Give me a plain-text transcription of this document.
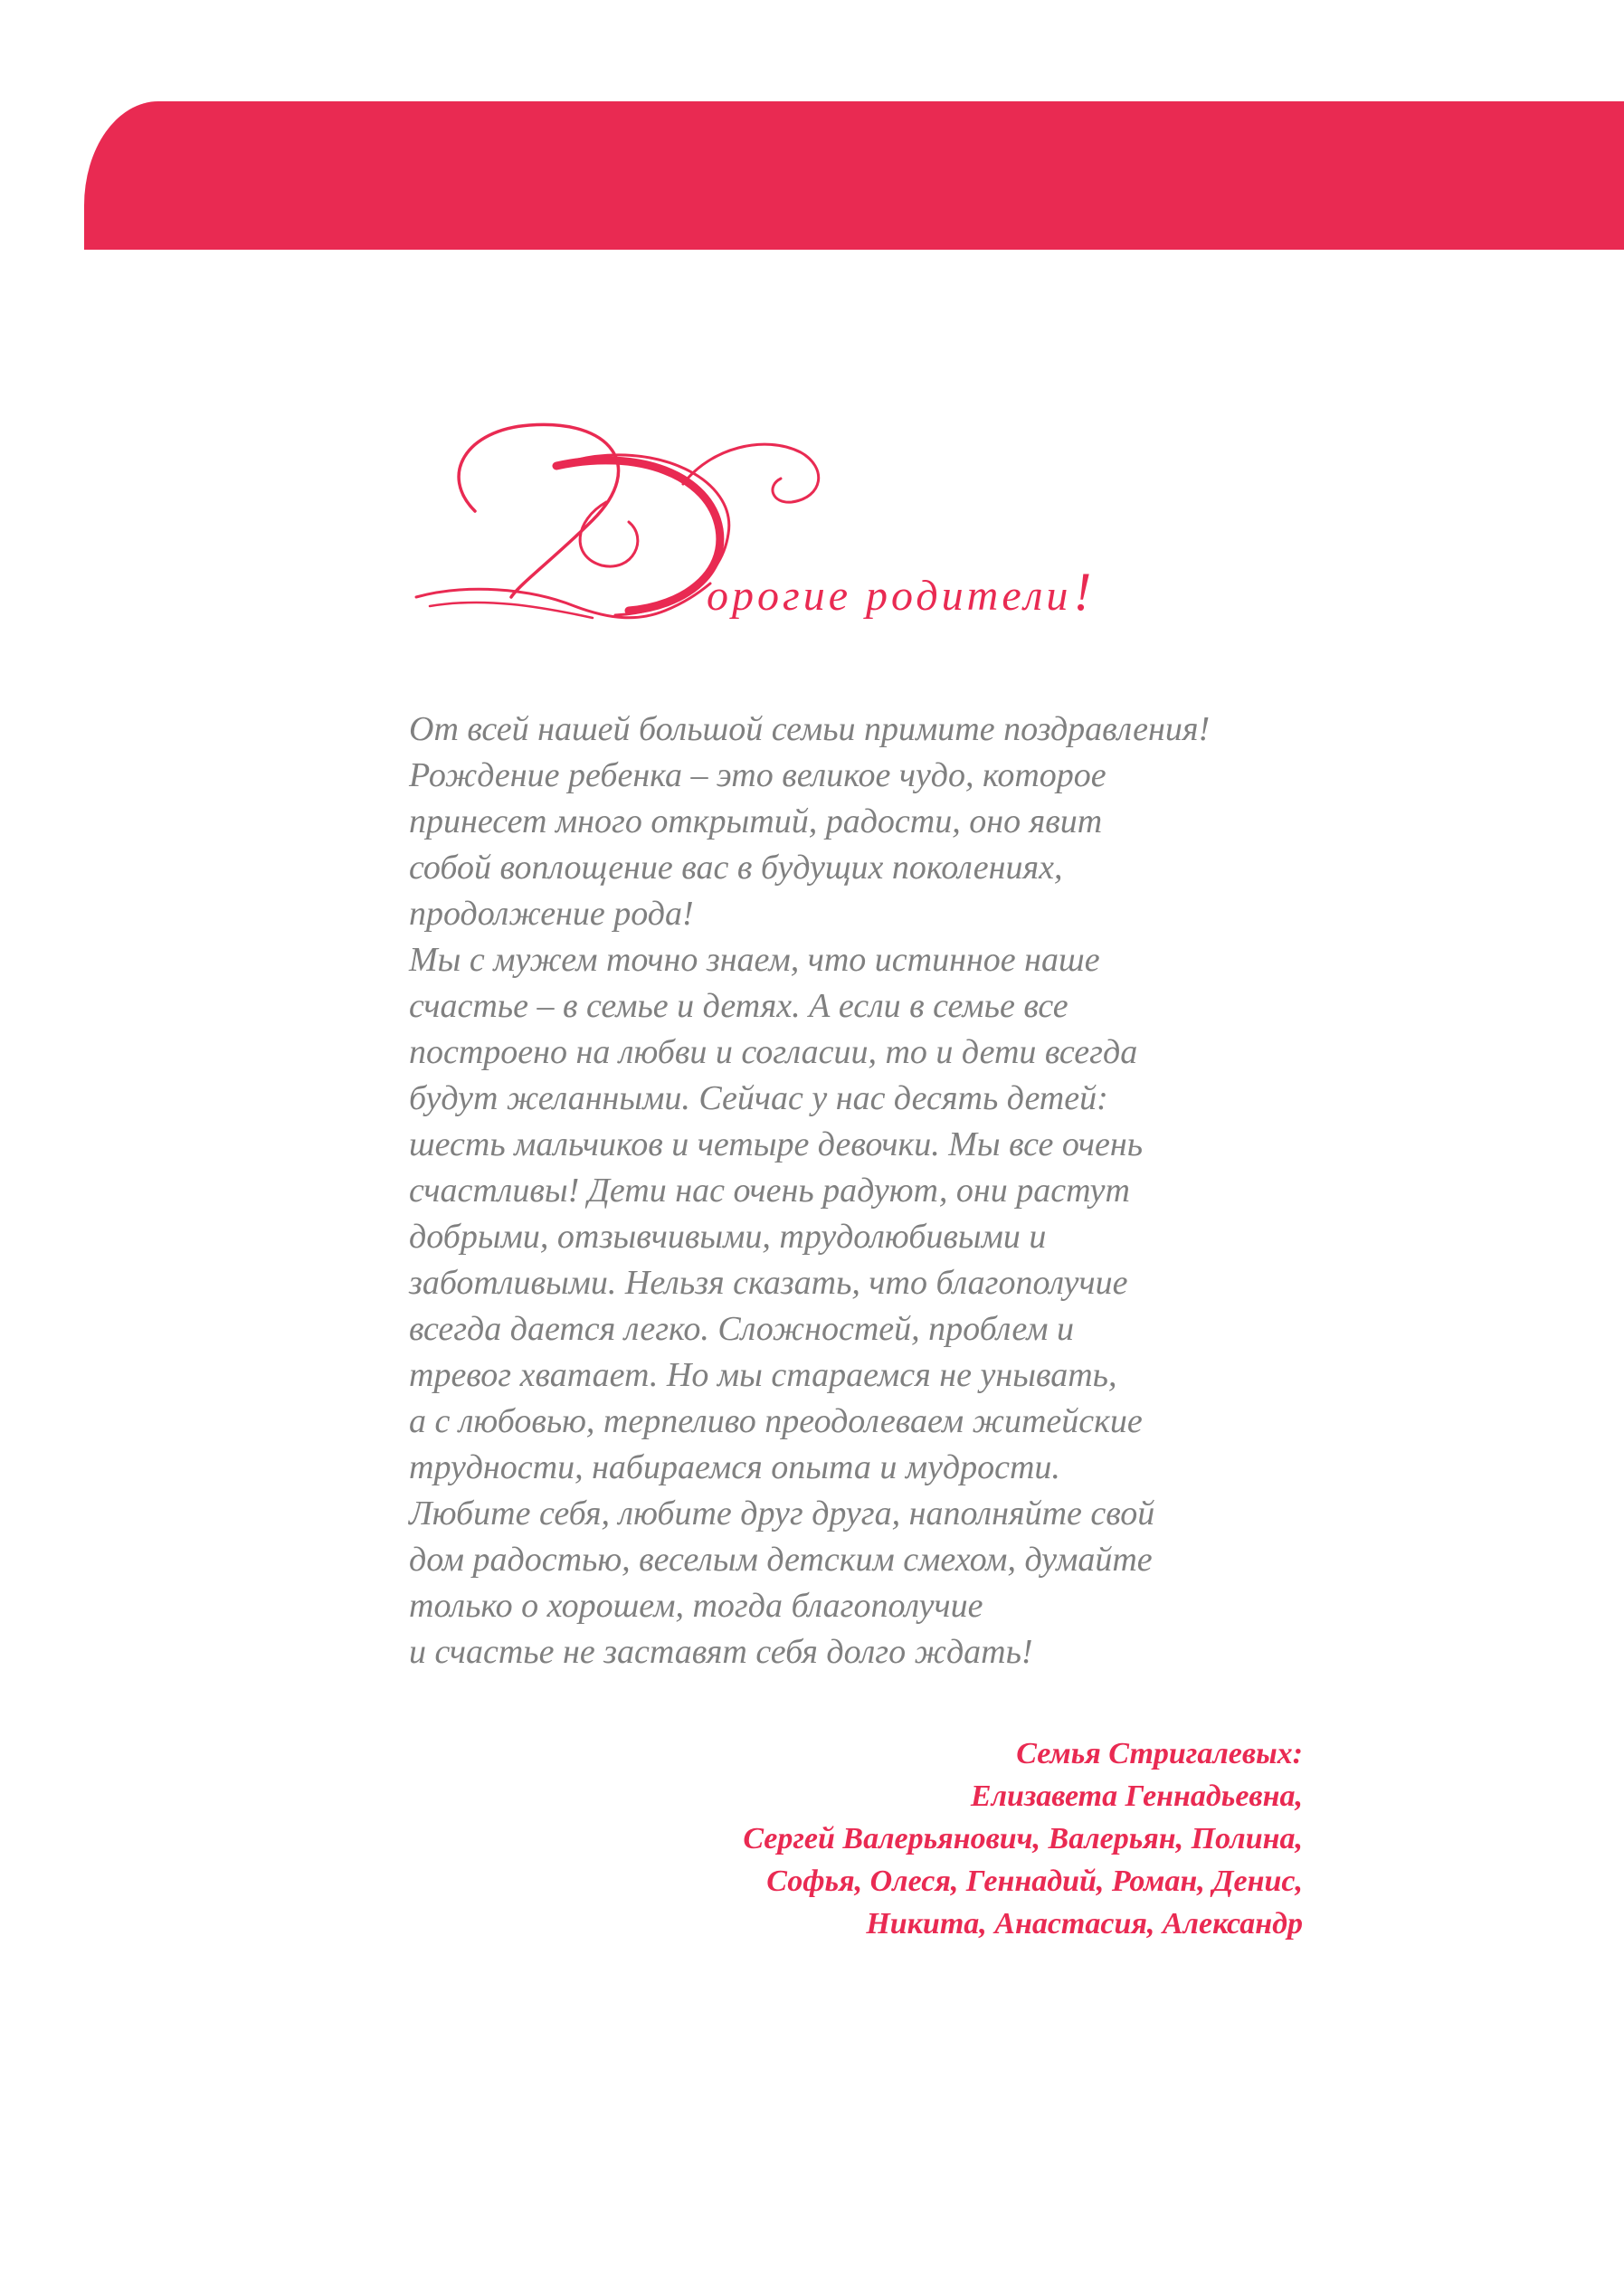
орогие родители!
От всей нашей большой семьи примите поздравления!
Рождение ребенка – это великое чудо, которое
принесет много открытий, радости, оно явит
собой воплощение вас в будущих поколениях,
продолжение рода!
Мы с мужем точно знаем, что истинное наше
счастье – в семье и детях. А если в семье все
построено на любви и согласии, то и дети всегда
будут желанными. Сейчас у нас десять детей:
шесть мальчиков и четыре девочки. Мы все очень
счастливы! Дети нас очень радуют, они растут
добрыми, отзывчивыми, трудолюбивыми и
заботливыми. Нельзя сказать, что благополучие
всегда дается легко. Сложностей, проблем и
тревог хватает. Но мы стараемся не унывать,
а с любовью, терпеливо преодолеваем житейские
трудности, набираемся опыта и мудрости.
Любите себя, любите друг друга, наполняйте свой
дом радостью, веселым детским смехом, думайте
только о хорошем, тогда благополучие
и счастье не заставят себя долго ждать!
Семья Стригалевых:
Елизавета Геннадьевна,
Сергей Валерьянович, Валерьян, Полина,
Софья, Олеся, Геннадий, Роман, Денис,
Никита, Анастасия, Александр
